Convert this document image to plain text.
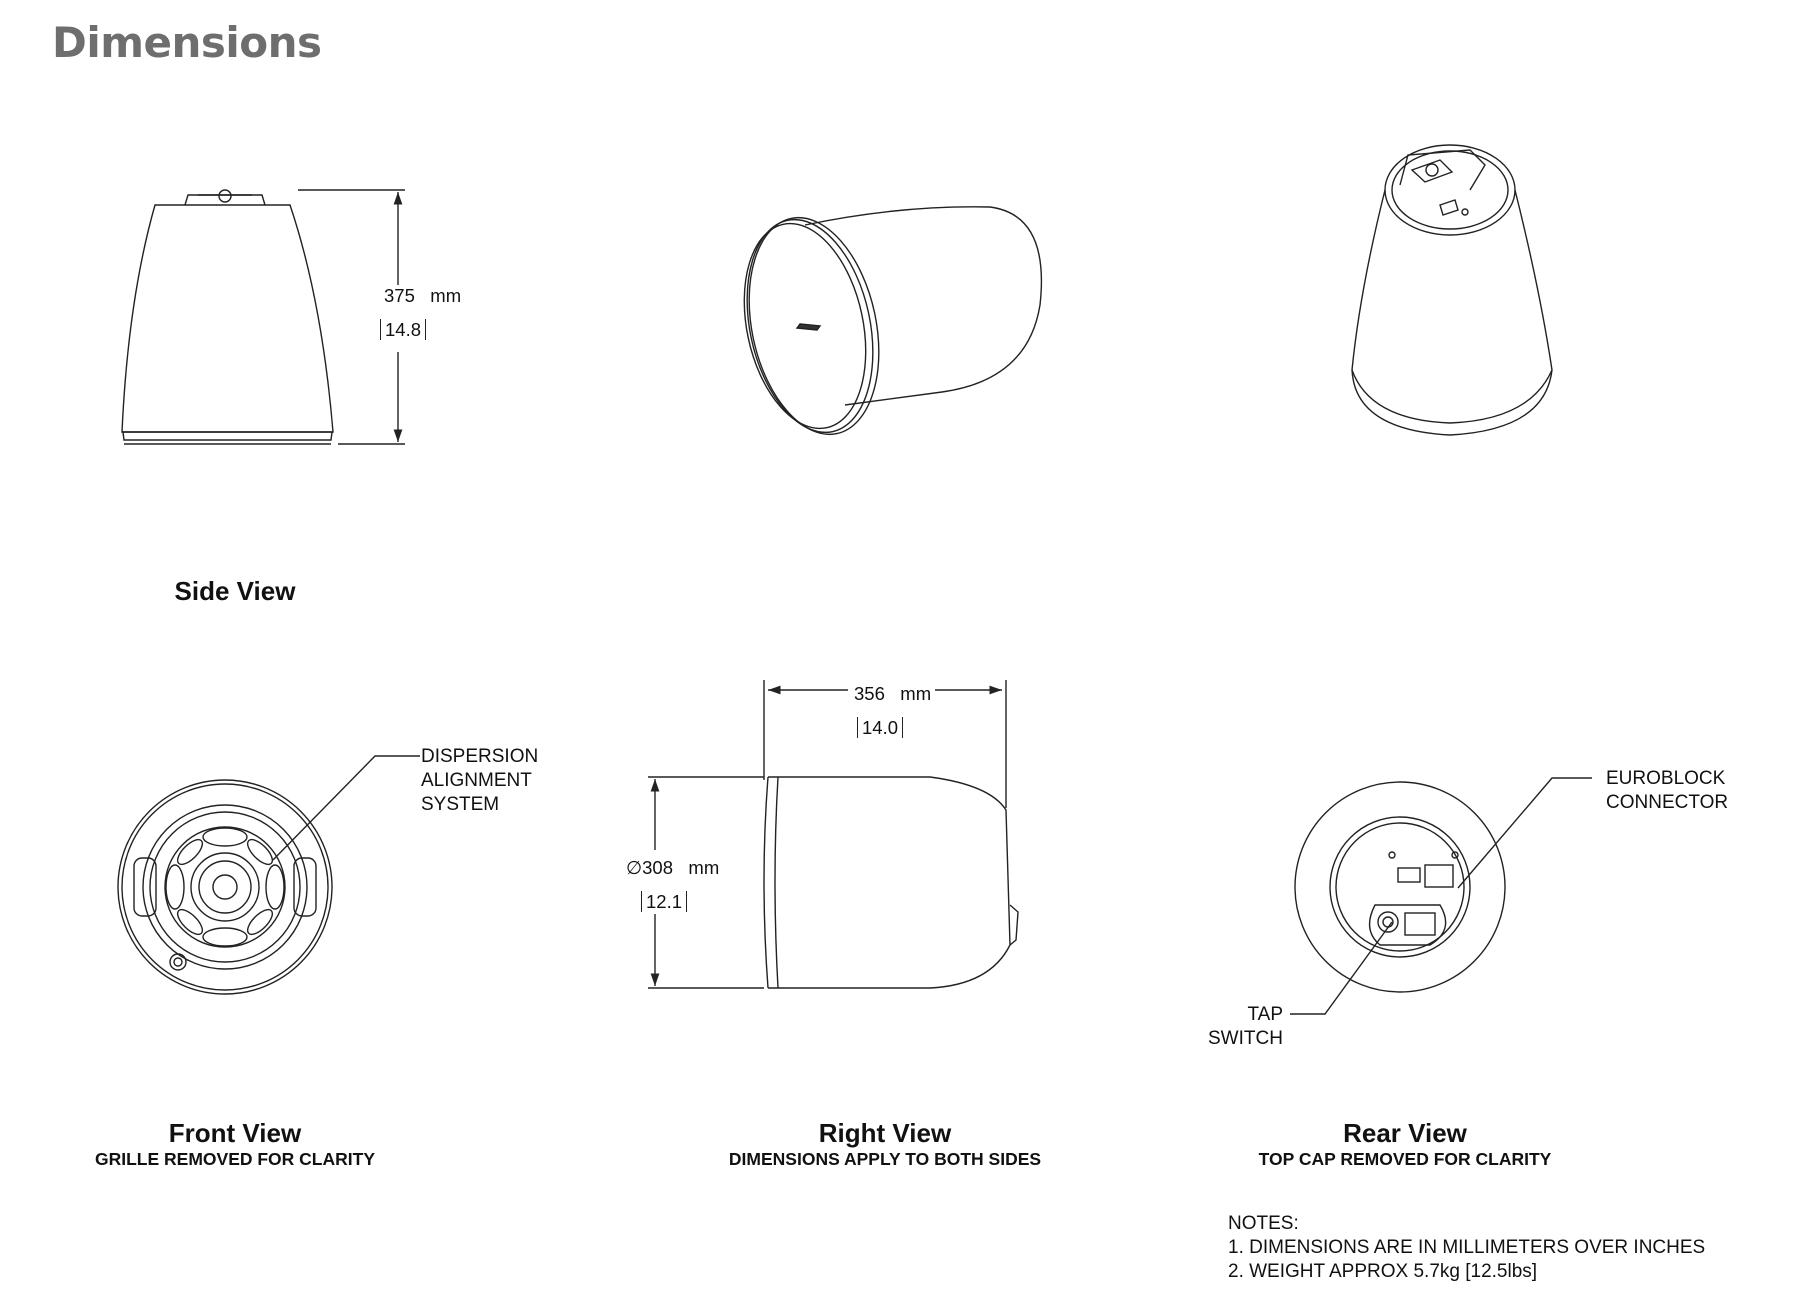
Dimensions
375 mm
14.8
Side View
DISPERSION
ALIGNMENT
SYSTEM
Front View
GRILLE REMOVED FOR CLARITY
356 mm
14.0
∅308 mm
12.1
Right View
DIMENSIONS APPLY TO BOTH SIDES
EUROBLOCK
CONNECTOR
TAP
SWITCH
Rear View
TOP CAP REMOVED FOR CLARITY
NOTES:
1. DIMENSIONS ARE IN MILLIMETERS OVER INCHES
2. WEIGHT APPROX 5.7kg [12.5lbs]
